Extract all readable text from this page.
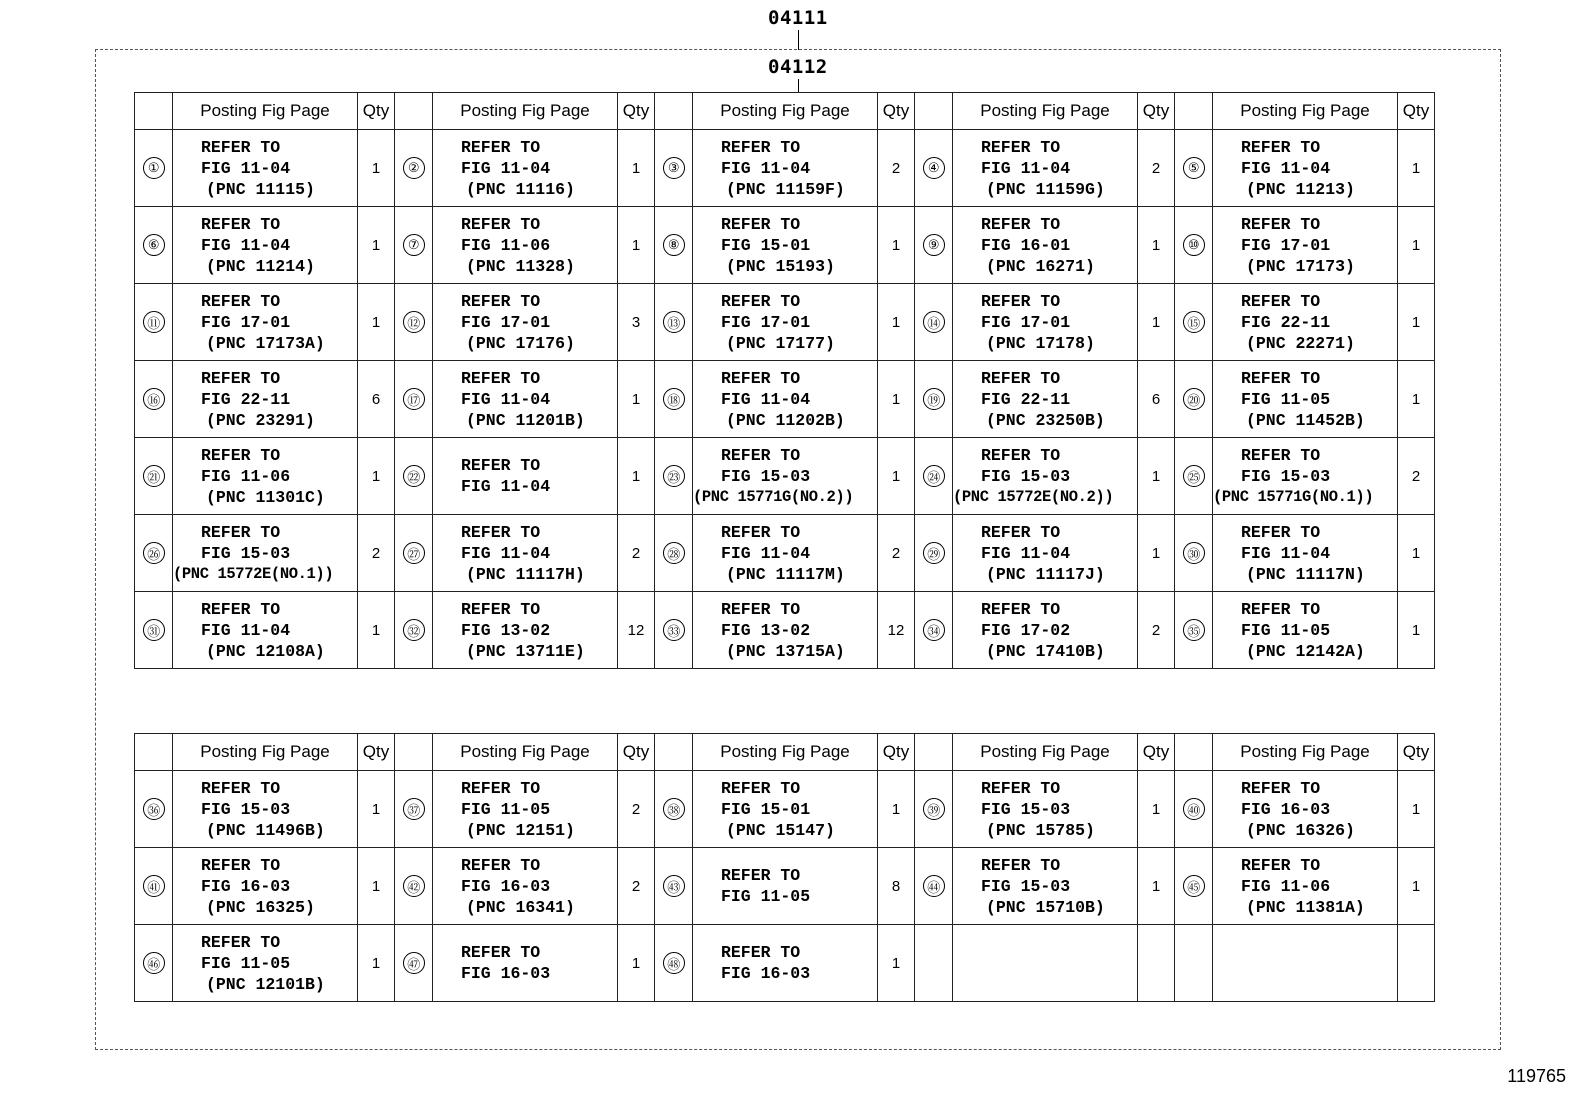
04111
04112
	Posting Fig Page	Qty		Posting Fig Page	Qty		Posting Fig Page	Qty		Posting Fig Page	Qty		Posting Fig Page	Qty
①	REFER TO
FIG 11-04
(PNC 11115)	1	②	REFER TO
FIG 11-04
(PNC 11116)	1	③	REFER TO
FIG 11-04
(PNC 11159F)	2	④	REFER TO
FIG 11-04
(PNC 11159G)	2	⑤	REFER TO
FIG 11-04
(PNC 11213)	1
⑥	REFER TO
FIG 11-04
(PNC 11214)	1	⑦	REFER TO
FIG 11-06
(PNC 11328)	1	⑧	REFER TO
FIG 15-01
(PNC 15193)	1	⑨	REFER TO
FIG 16-01
(PNC 16271)	1	⑩	REFER TO
FIG 17-01
(PNC 17173)	1
⑪	REFER TO
FIG 17-01
(PNC 17173A)	1	⑫	REFER TO
FIG 17-01
(PNC 17176)	3	⑬	REFER TO
FIG 17-01
(PNC 17177)	1	⑭	REFER TO
FIG 17-01
(PNC 17178)	1	⑮	REFER TO
FIG 22-11
(PNC 22271)	1
⑯	REFER TO
FIG 22-11
(PNC 23291)	6	⑰	REFER TO
FIG 11-04
(PNC 11201B)	1	⑱	REFER TO
FIG 11-04
(PNC 11202B)	1	⑲	REFER TO
FIG 22-11
(PNC 23250B)	6	⑳	REFER TO
FIG 11-05
(PNC 11452B)	1
㉑	REFER TO
FIG 11-06
(PNC 11301C)	1	㉒	REFER TO
FIG 11-04	1	㉓	REFER TO
FIG 15-03
(PNC 15771G(NO.2))	1	㉔	REFER TO
FIG 15-03
(PNC 15772E(NO.2))	1	㉕	REFER TO
FIG 15-03
(PNC 15771G(NO.1))	2
㉖	REFER TO
FIG 15-03
(PNC 15772E(NO.1))	2	㉗	REFER TO
FIG 11-04
(PNC 11117H)	2	㉘	REFER TO
FIG 11-04
(PNC 11117M)	2	㉙	REFER TO
FIG 11-04
(PNC 11117J)	1	㉚	REFER TO
FIG 11-04
(PNC 11117N)	1
㉛	REFER TO
FIG 11-04
(PNC 12108A)	1	㉜	REFER TO
FIG 13-02
(PNC 13711E)	12	㉝	REFER TO
FIG 13-02
(PNC 13715A)	12	㉞	REFER TO
FIG 17-02
(PNC 17410B)	2	㉟	REFER TO
FIG 11-05
(PNC 12142A)	1
	Posting Fig Page	Qty		Posting Fig Page	Qty		Posting Fig Page	Qty		Posting Fig Page	Qty		Posting Fig Page	Qty
㊱	REFER TO
FIG 15-03
(PNC 11496B)	1	㊲	REFER TO
FIG 11-05
(PNC 12151)	2	㊳	REFER TO
FIG 15-01
(PNC 15147)	1	㊴	REFER TO
FIG 15-03
(PNC 15785)	1	㊵	REFER TO
FIG 16-03
(PNC 16326)	1
㊶	REFER TO
FIG 16-03
(PNC 16325)	1	㊷	REFER TO
FIG 16-03
(PNC 16341)	2	㊸	REFER TO
FIG 11-05	8	㊹	REFER TO
FIG 15-03
(PNC 15710B)	1	㊺	REFER TO
FIG 11-06
(PNC 11381A)	1
㊻	REFER TO
FIG 11-05
(PNC 12101B)	1	㊼	REFER TO
FIG 16-03	1	㊽	REFER TO
FIG 16-03	1						
119765
